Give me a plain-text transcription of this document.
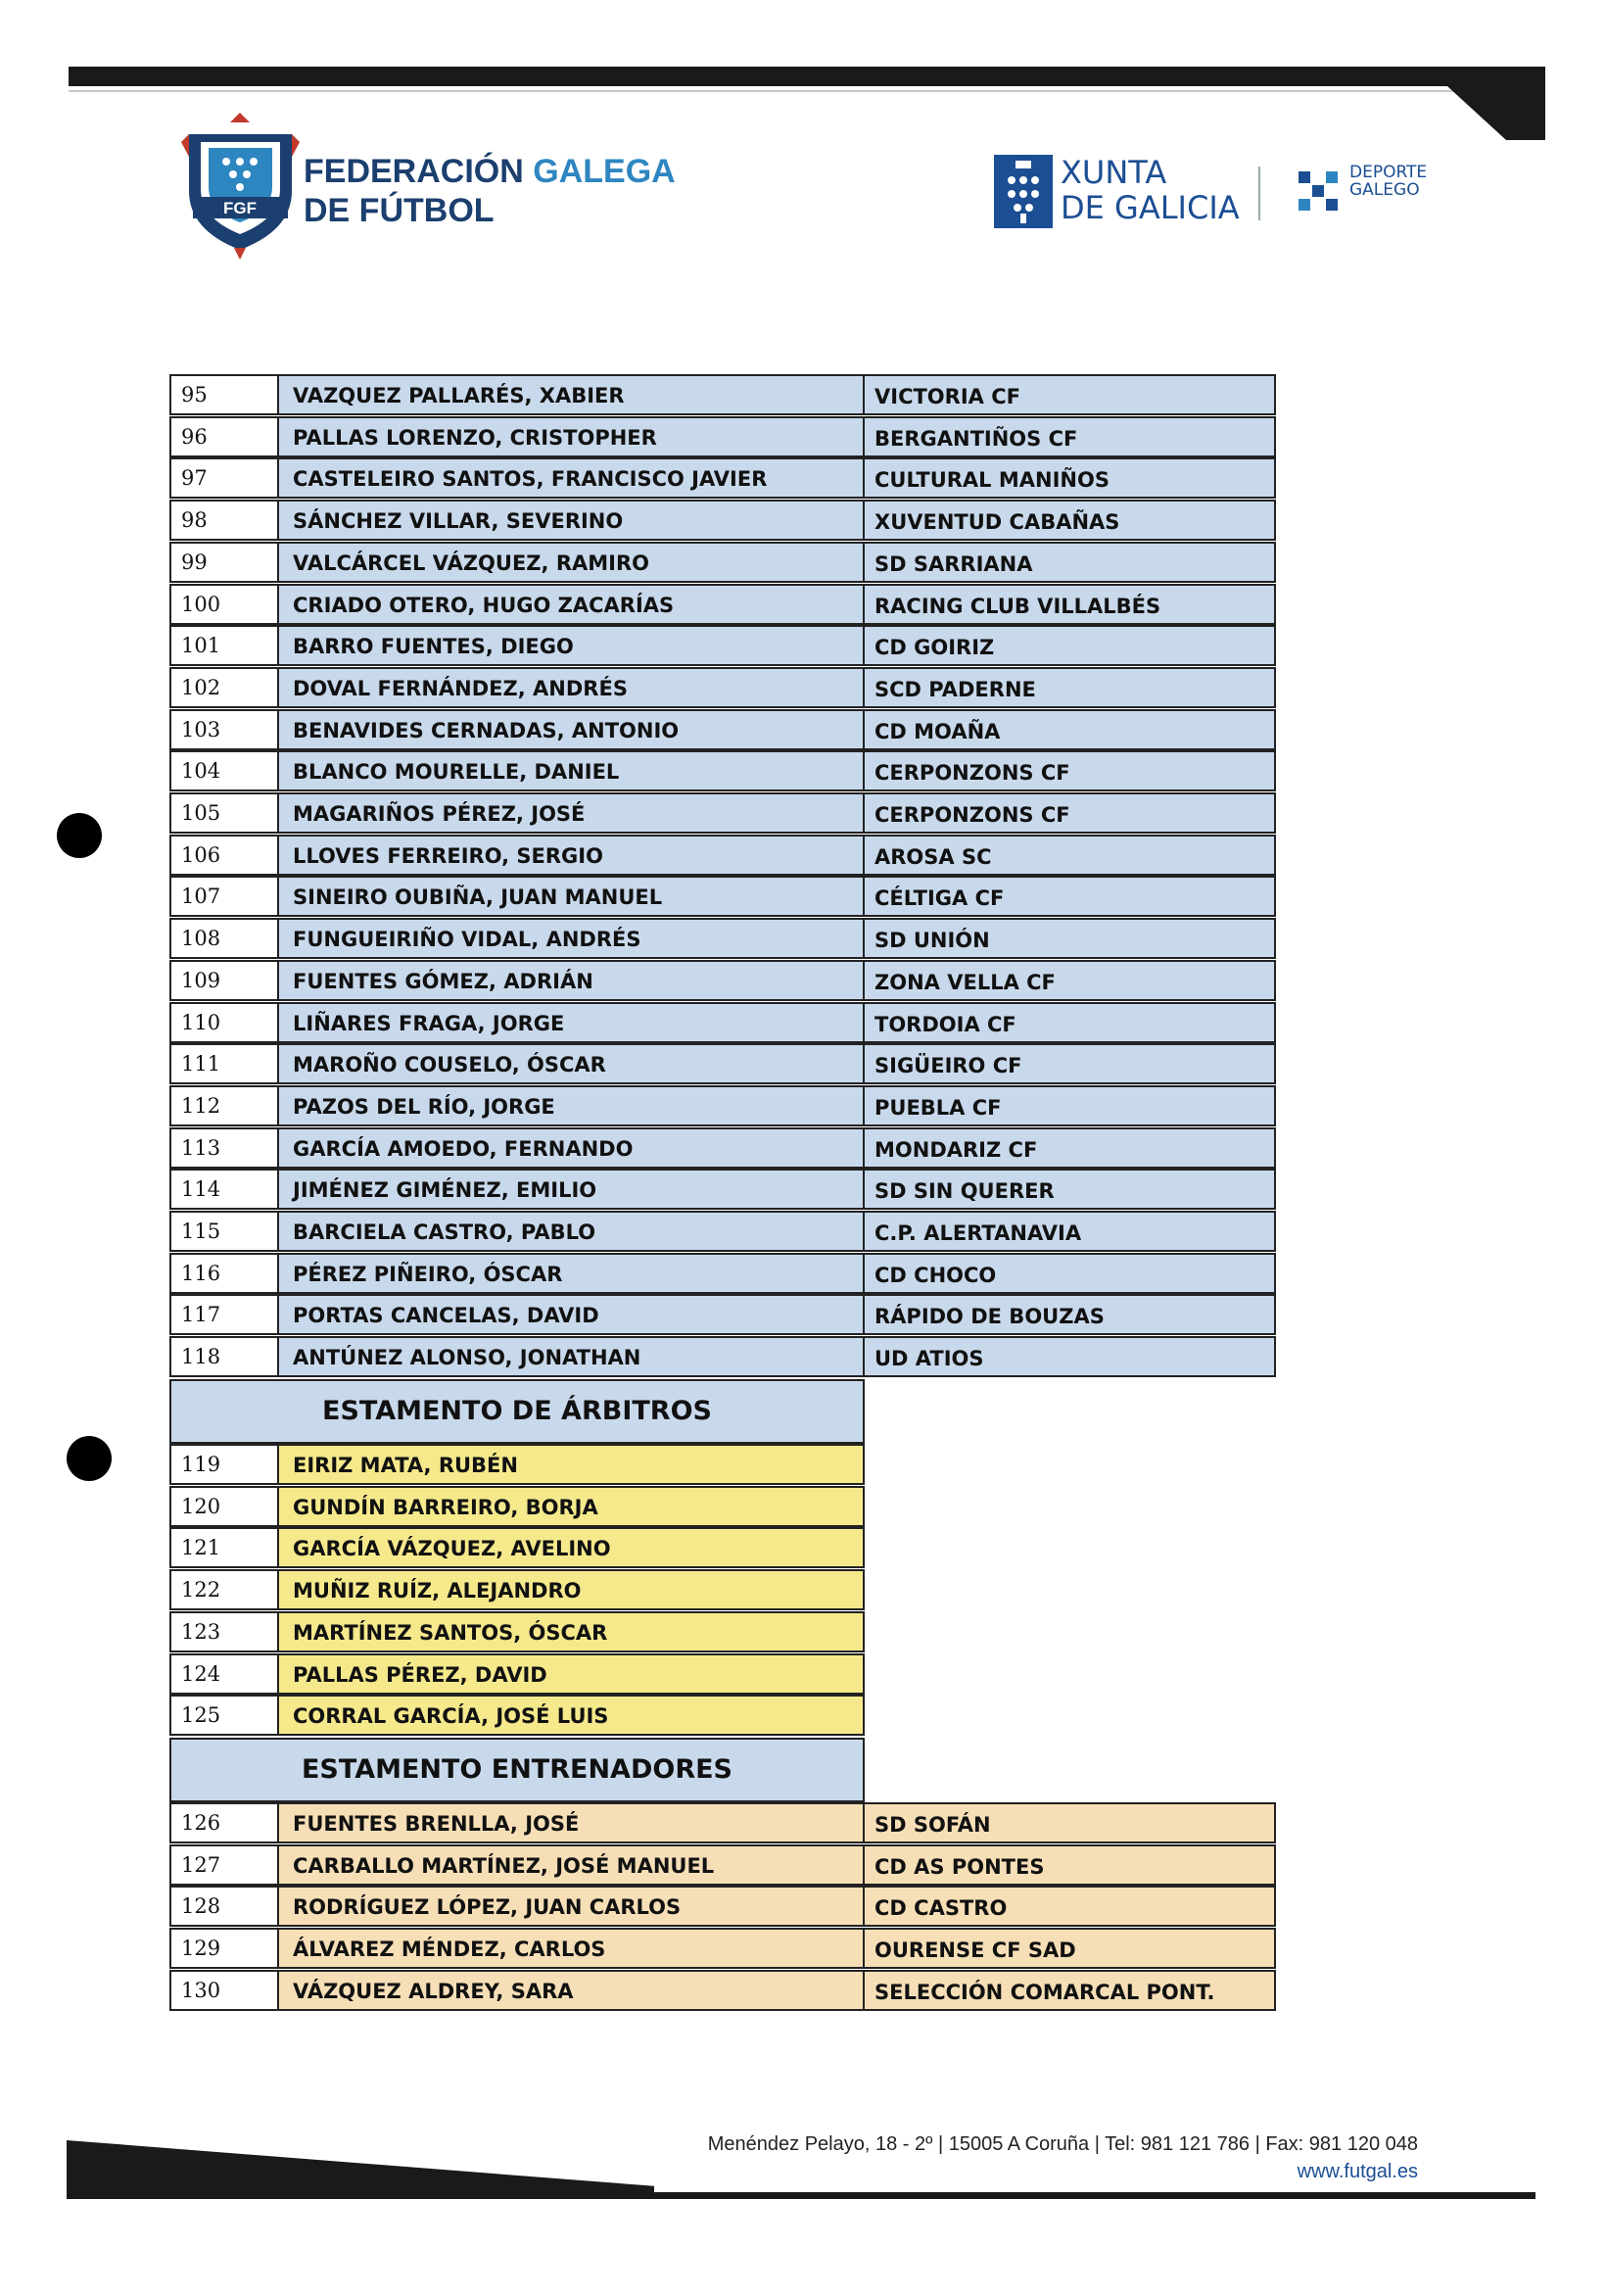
FGF
FEDERACIÓN GALEGA
DE FÚTBOL
XUNTA
DE GALICIA
DEPORTE
GALEGO
95	VAZQUEZ PALLARÉS, XABIER	VICTORIA CF
96	PALLAS LORENZO, CRISTOPHER	BERGANTIÑOS CF
97	CASTELEIRO SANTOS, FRANCISCO JAVIER	CULTURAL MANIÑOS
98	SÁNCHEZ VILLAR, SEVERINO	XUVENTUD CABAÑAS
99	VALCÁRCEL VÁZQUEZ, RAMIRO	SD SARRIANA
100	CRIADO OTERO, HUGO ZACARÍAS	RACING CLUB VILLALBÉS
101	BARRO FUENTES, DIEGO	CD GOIRIZ
102	DOVAL FERNÁNDEZ, ANDRÉS	SCD PADERNE
103	BENAVIDES CERNADAS, ANTONIO	CD MOAÑA
104	BLANCO MOURELLE, DANIEL	CERPONZONS CF
105	MAGARIÑOS PÉREZ, JOSÉ	CERPONZONS CF
106	LLOVES FERREIRO, SERGIO	AROSA SC
107	SINEIRO OUBIÑA, JUAN MANUEL	CÉLTIGA CF
108	FUNGUEIRIÑO VIDAL, ANDRÉS	SD UNIÓN
109	FUENTES GÓMEZ, ADRIÁN	ZONA VELLA CF
110	LIÑARES FRAGA, JORGE	TORDOIA CF
111	MAROÑO COUSELO, ÓSCAR	SIGÜEIRO CF
112	PAZOS DEL RÍO, JORGE	PUEBLA CF
113	GARCÍA AMOEDO, FERNANDO	MONDARIZ CF
114	JIMÉNEZ GIMÉNEZ, EMILIO	SD SIN QUERER
115	BARCIELA CASTRO, PABLO	C.P. ALERTANAVIA
116	PÉREZ PIÑEIRO, ÓSCAR	CD CHOCO
117	PORTAS CANCELAS, DAVID	RÁPIDO DE BOUZAS
118	ANTÚNEZ ALONSO, JONATHAN	UD ATIOS
ESTAMENTO DE ÁRBITROS
119	EIRIZ MATA, RUBÉN
120	GUNDÍN BARREIRO, BORJA
121	GARCÍA VÁZQUEZ, AVELINO
122	MUÑIZ RUÍZ, ALEJANDRO
123	MARTÍNEZ SANTOS, ÓSCAR
124	PALLAS PÉREZ, DAVID
125	CORRAL GARCÍA, JOSÉ LUIS
ESTAMENTO ENTRENADORES
126	FUENTES BRENLLA, JOSÉ	SD SOFÁN
127	CARBALLO MARTÍNEZ, JOSÉ MANUEL	CD AS PONTES
128	RODRÍGUEZ LÓPEZ, JUAN CARLOS	CD CASTRO
129	ÁLVAREZ MÉNDEZ, CARLOS	OURENSE CF SAD
130	VÁZQUEZ ALDREY, SARA	SELECCIÓN COMARCAL PONT.
Menéndez Pelayo, 18 - 2º | 15005 A Coruña | Tel: 981 121 786 | Fax: 981 120 048
www.futgal.es
